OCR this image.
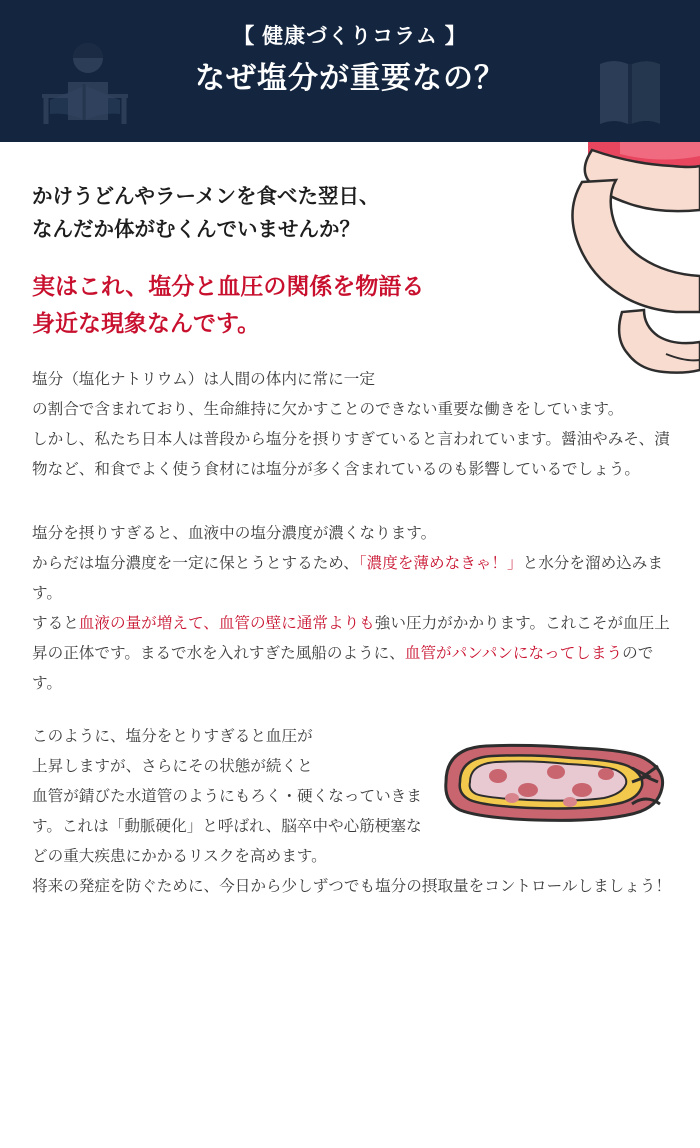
【 健康づくりコラム 】
なぜ塩分が重要なの？
かけうどんやラーメンを食べた翌日、
なんだか体がむくんでいませんか？
実はこれ、塩分と血圧の関係を物語る
身近な現象なんです。
塩分（塩化ナトリウム）は人間の体内に常に一定
の割合で含まれており、生命維持に欠かすことのできない重要な働きをしています。
しかし、私たち日本人は普段から塩分を摂りすぎていると言われています。醤油やみそ、漬物など、和食でよく使う食材には塩分が多く含まれているのも影響しているでしょう。
塩分を摂りすぎると、血液中の塩分濃度が濃くなります。
からだは塩分濃度を一定に保とうとするため、「濃度を薄めなきゃ！」と水分を溜め込みます。
すると血液の量が増えて、血管の壁に通常よりも強い圧力がかかります。これこそが血圧上昇の正体です。まるで水を入れすぎた風船のように、血管がパンパンになってしまうのです。
このように、塩分をとりすぎると血圧が
上昇しますが、さらにその状態が続くと
血管が錆びた水道管のようにもろく・硬くなっていきます。これは「動脈硬化」と呼ばれ、脳卒中や心筋梗塞などの重大疾患にかかるリスクを高めます。
将来の発症を防ぐために、今日から少しずつでも塩分の摂取量をコントロールしましょう！
